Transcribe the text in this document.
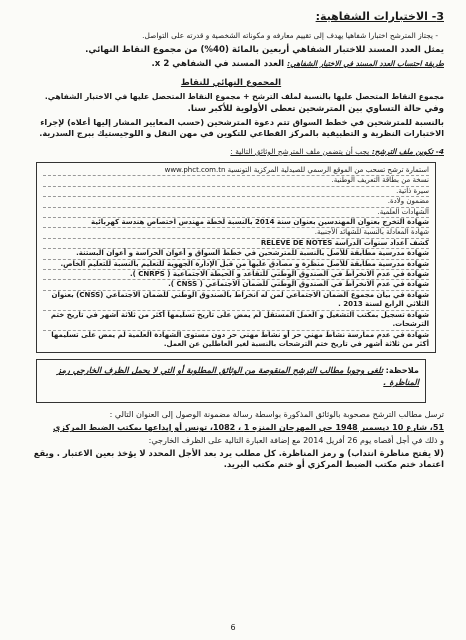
3- الاختبارات الشفاهية:

- يجتاز المترشح اختبارا شفاهيا يهدف إلى تقييم معارفه و مكوناته الشخصية و قدرته على التواصل.

يمثل العدد المسند للاختبار الشفاهي أربعين بالمائة (40%) من مجموع النقاط النهائي.

طريقة احتساب العدد المسند في الاختبار الشفاهي: العدد المسند في الشفاهي x 2.

المجموع النهائي للنقاط

مجموع النقاط المتحصل عليها بالنسبة لملف الترشح + مجموع النقاط المتحصل عليها في الاختبار الشفاهي.

وفي حالة التساوي بين المترشحين تعطى الأولوية للأكبر سنا.

بالنسبة للمترشحين في خطط السواق تتم دعوة المترشحين (حسب المعايير المشار إليها أعلاه) لإجراء الاختبارات النظرية و التطبيقية بالمركز القطاعي للتكوين في مهن النقل و اللوجيستيك ببرج السدرية.

4- تكوين ملف الترشح: يجب أن يتضمن ملف المترشح الوثائق التالية :
استمارة ترشح تسحب من الموقع الرسمي للصيدلية المركزية التونسية www.phct.com.tn
نسخة من بطاقة التعريف الوطنية.
سيرة ذاتية.
مضمون ولادة.
الشهادات العلمية.
شهادة التخرج بعنوان المهندسين بعنوان سنة 2014 بالنسبة لخطة مهندس اختصاص هندسة كهربائية
شهادة المعادلة بالنسبة للشهائد الأجنبية.
كشف أعداد سنوات الدراسة RELEVE DE NOTES
شهادة مدرسية مطابقة للأصل بالنسبة للمترشحين في خطط السواق و أعوان الحراسة و أعوان البستنة.
شهادة مدرسية مطابقة للأصل منظرة و مصادق عليها من قبل الإدارة الجهوية للتعليم بالنسبة للتعليم الخاص.
شهادة في عدم الانخراط في الصندوق الوطني للتقاعد و الحيطة الاجتماعية ( CNRPS ).
شهادة في عدم الانخراط في الصندوق الوطني للضمان الاجتماعي ( CNSS ).
شهادة في بيان مجموع الضمان الاجتماعي لمن له انخراط بالصندوق الوطني للضمان الاجتماعي (CNSS) بعنوان الثلاثي الرابع لسنة 2013 .
شهادة تسجيل بمكتب التشغيل و العمل المستقل لم يمض على تاريخ تسليمها أكثر من ثلاثة أشهر في تاريخ ختم الترشحات.
شهادة في عدم ممارسة نشاط مهني حر أو نشاط مهني حر دون مستوى الشهادة العلمية لم يمض على تسليمها أكثر من ثلاثة أشهر في تاريخ ختم الترشحات بالنسبة لغير العاطلين عن العمل.
ملاحظة: تلغى وجوبا مطالب الترشح المنقوصة من الوثائق المطلوبة أو التي لا يحمل الظرف الخارجي رمز المناظرة .

ترسل مطالب الترشح مصحوبة بالوثائق المذكورة بواسطة رسالة مضمونة الوصول إلى العنوان التالي :

51، شارع 10 ديسمبر 1948 حي المهرجان المنزه 1 ، 1082، تونس أو إيداعها بمكتب الضبط المركزي

و ذلك في أجل أقصاه يوم 26 أفريل 2014 مع إضافة العبارة التالية على الظرف الخارجي:

(لا يفتح مناظرة انتداب) و رمز المناظرة. كل مطلب يرد بعد الأجل المحدد لا يؤخذ بعين الاعتبار . ويقع اعتماد ختم مكتب الضبط المركزي أو ختم مكتب البريد.

6
